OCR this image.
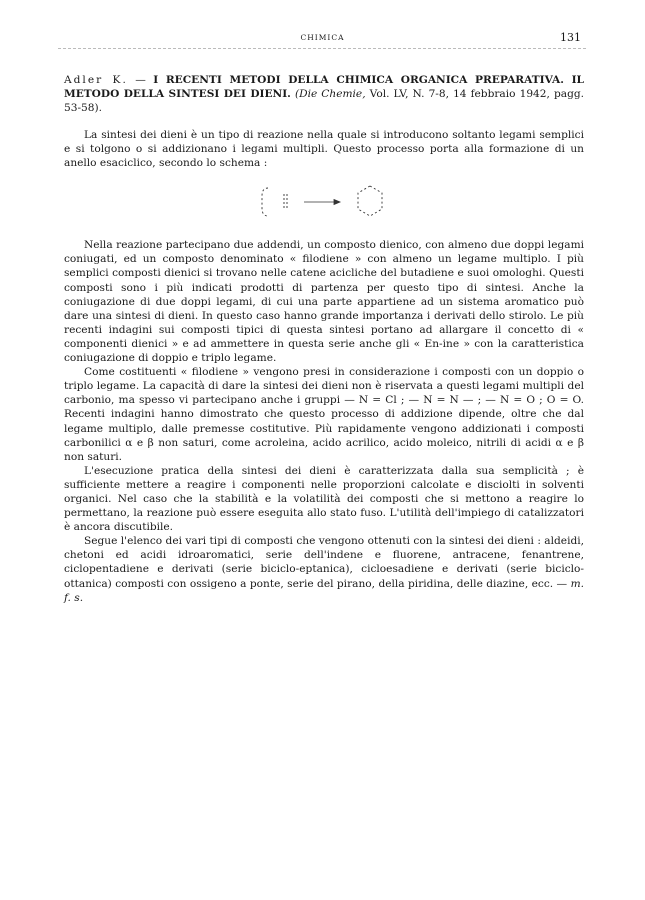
CHIMICA	131
Adler K. — I RECENTI METODI DELLA CHIMICA ORGANICA PREPARATIVA. IL METODO DELLA SINTESI DEI DIENI. (Die Chemie, Vol. LV, N. 7-8, 14 febbraio 1942, pagg. 53-58).

La sintesi dei dieni è un tipo di reazione nella quale si introducono soltanto legami semplici e si tolgono o si addizionano i legami multipli. Questo processo porta alla formazione di un anello esaciclico, secondo lo schema :

Nella reazione partecipano due addendi, un composto dienico, con almeno due doppi legami coniugati, ed un composto denominato « filodiene » con almeno un legame multiplo. I più semplici composti dienici si trovano nelle catene acicliche del butadiene e suoi omologhi. Questi composti sono i più indicati prodotti di partenza per questo tipo di sintesi. Anche la coniugazione di due doppi legami, di cui una parte appartiene ad un sistema aromatico può dare una sintesi di dieni. In questo caso hanno grande importanza i derivati dello stirolo. Le più recenti indagini sui composti tipici di questa sintesi portano ad allargare il concetto di « componenti dienici » e ad ammettere in questa serie anche gli « En-ine » con la caratteristica coniugazione di doppio e triplo legame.

Come costituenti « filodiene » vengono presi in considerazione i composti con un doppio o triplo legame. La capacità di dare la sintesi dei dieni non è riservata a questi legami multipli del carbonio, ma spesso vi partecipano anche i gruppi — N = Cl ; — N = N — ; — N = O ; O = O. Recenti indagini hanno dimostrato che questo processo di addizione dipende, oltre che dal legame multiplo, dalle premesse costitutive. Più rapidamente vengono addizionati i composti carbonilici α e β non saturi, come acroleina, acido acrilico, acido moleico, nitrili di acidi α e β non saturi.

L'esecuzione pratica della sintesi dei dieni è caratterizzata dalla sua semplicità ; è sufficiente mettere a reagire i componenti nelle proporzioni calcolate e disciolti in solventi organici. Nel caso che la stabilità e la volatilità dei composti che si mettono a reagire lo permettano, la reazione può essere eseguita allo stato fuso. L'utilità dell'impiego di catalizzatori è ancora discutibile.

Segue l'elenco dei vari tipi di composti che vengono ottenuti con la sintesi dei dieni : aldeidi, chetoni ed acidi idroaromatici, serie dell'indene e fluorene, antracene, fenantrene, ciclopentadiene e derivati (serie biciclo-eptanica), cicloesadiene e derivati (serie biciclo-ottanica) composti con ossigeno a ponte, serie del pirano, della piridina, delle diazine, ecc. — m. f. s.
